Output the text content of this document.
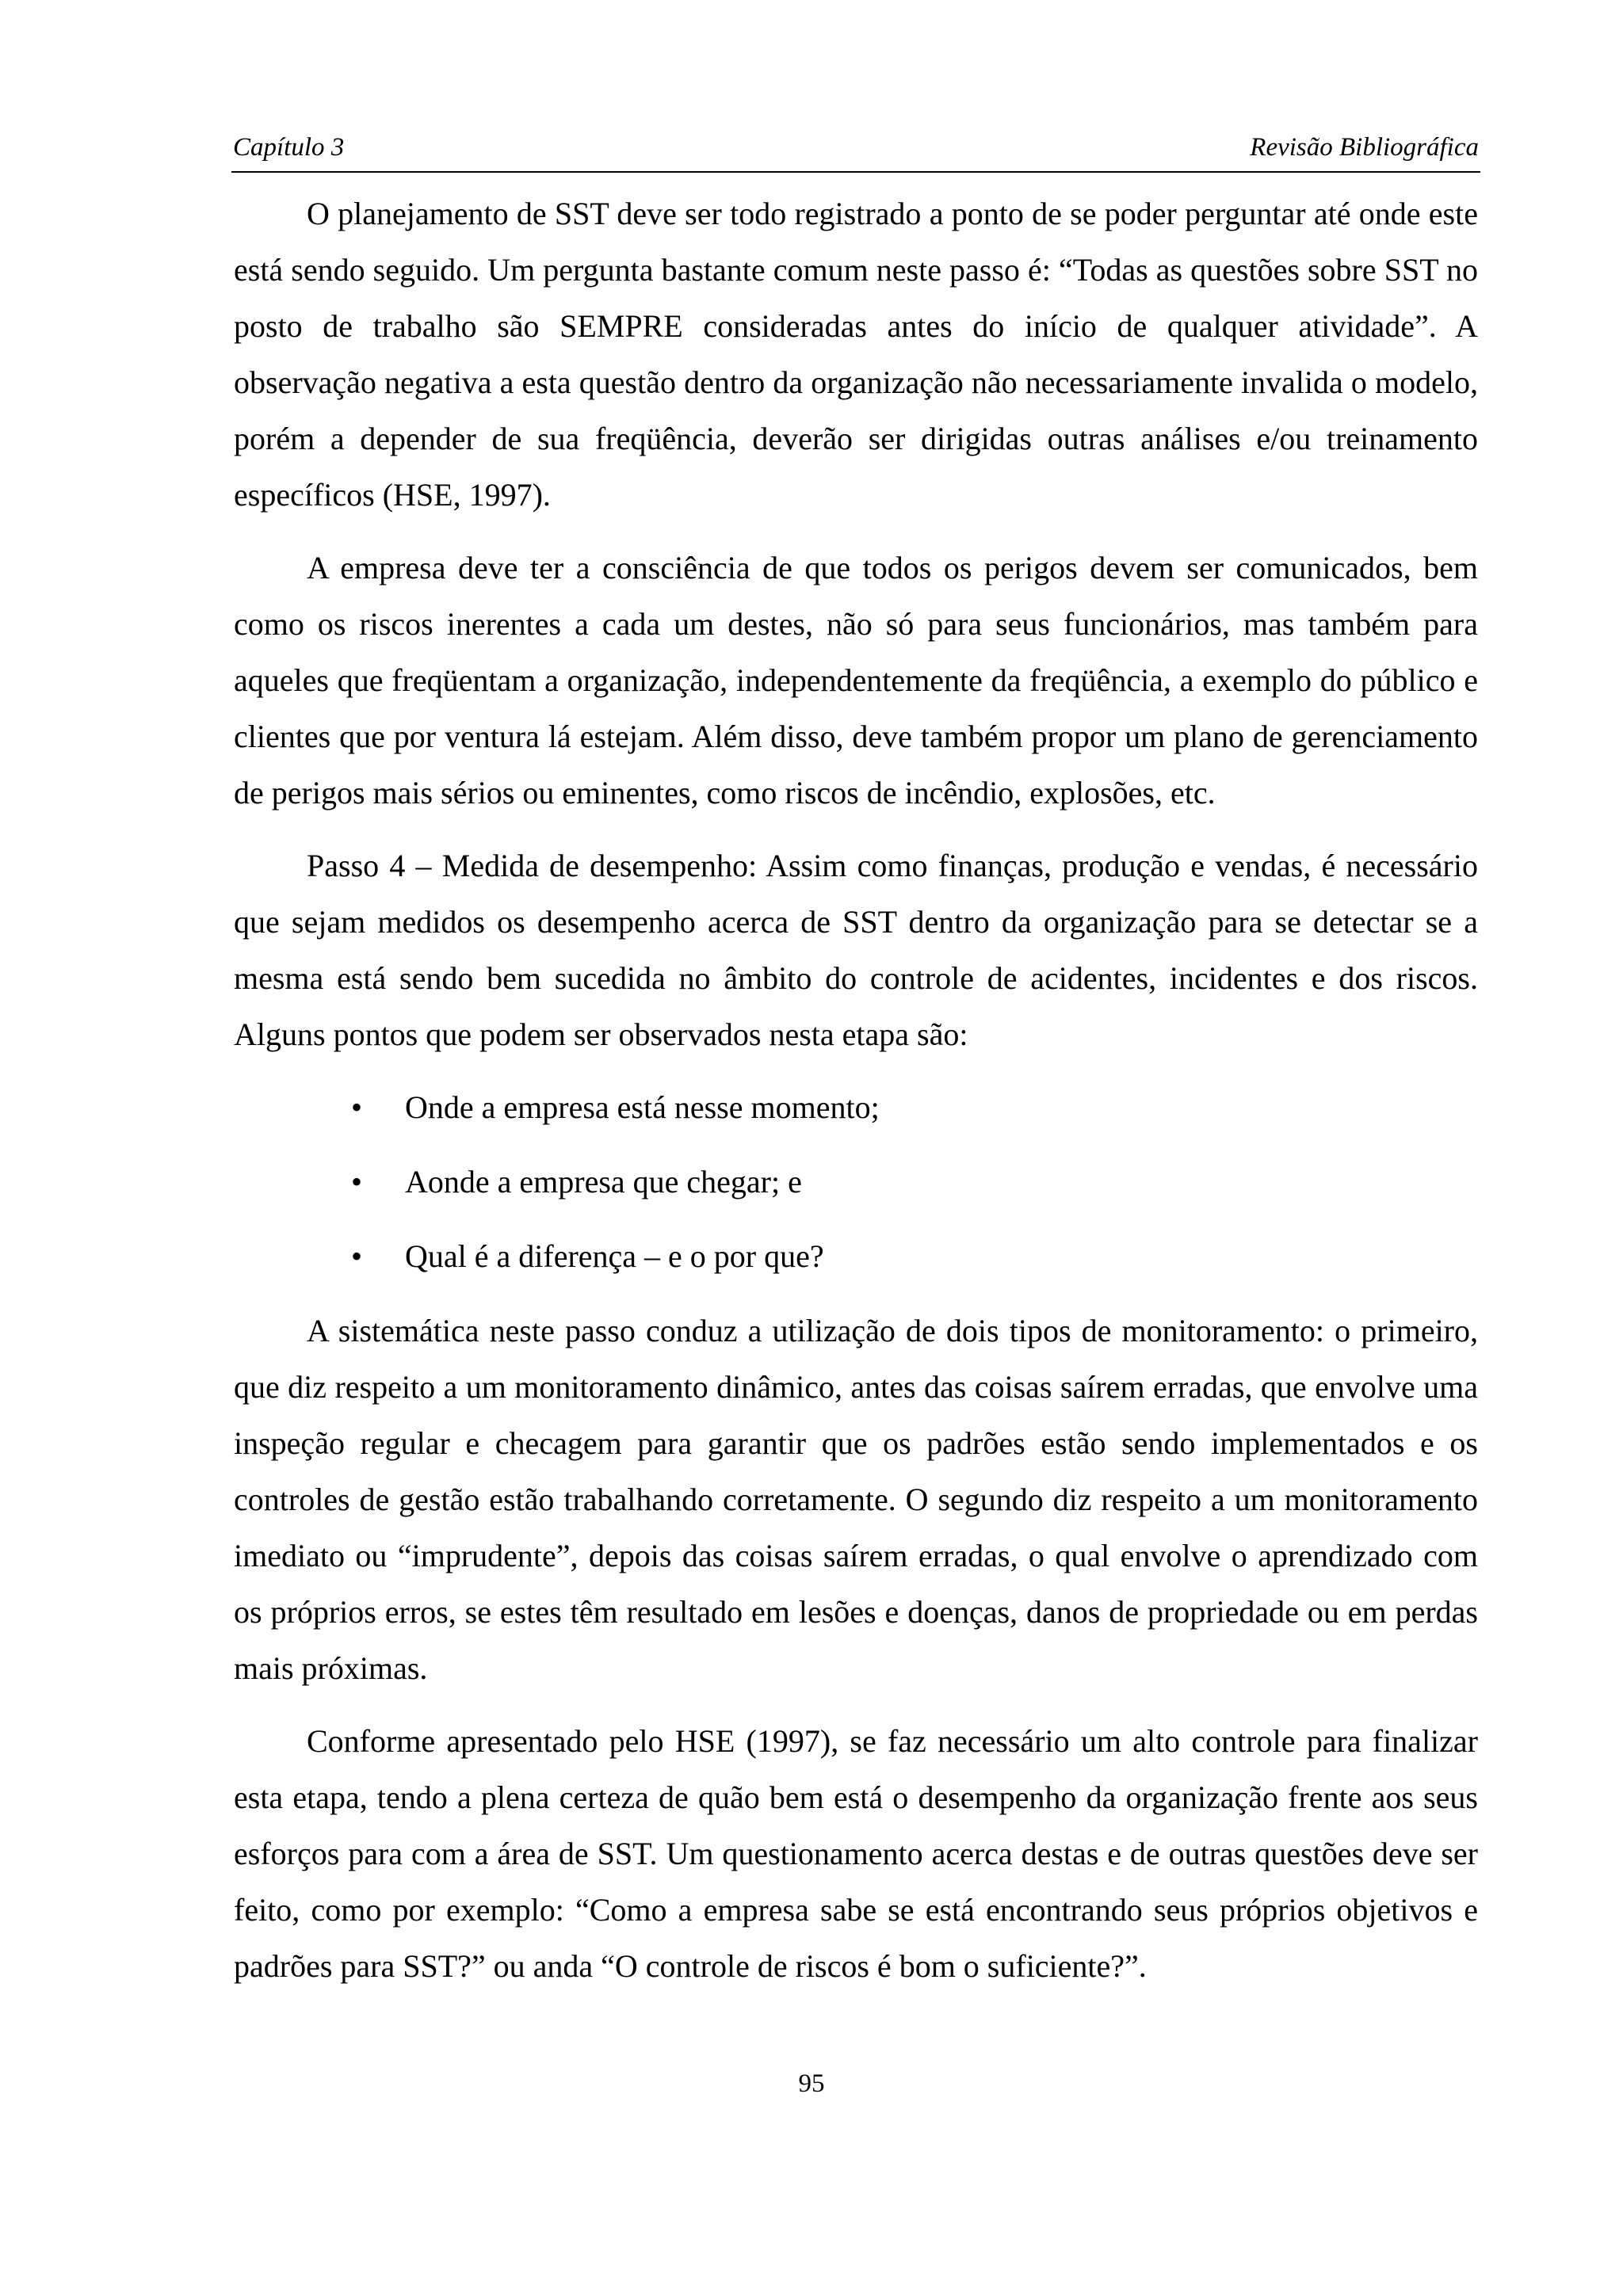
Capítulo 3	Revisão Bibliográfica

O planejamento de SST deve ser todo registrado a ponto de se poder perguntar até onde este está sendo seguido. Um pergunta bastante comum neste passo é: “Todas as questões sobre SST no posto de trabalho são SEMPRE consideradas antes do início de qualquer atividade”. A observação negativa a esta questão dentro da organização não necessariamente invalida o modelo, porém a depender de sua freqüência, deverão ser dirigidas outras análises e/ou treinamento específicos (HSE, 1997).

A empresa deve ter a consciência de que todos os perigos devem ser comunicados, bem como os riscos inerentes a cada um destes, não só para seus funcionários, mas também para aqueles que freqüentam a organização, independentemente da freqüência, a exemplo do público e clientes que por ventura lá estejam. Além disso, deve também propor um plano de gerenciamento de perigos mais sérios ou eminentes, como riscos de incêndio, explosões, etc.

Passo 4 – Medida de desempenho: Assim como finanças, produção e vendas, é necessário que sejam medidos os desempenho acerca de SST dentro da organização para se detectar se a mesma está sendo bem sucedida no âmbito do controle de acidentes, incidentes e dos riscos. Alguns pontos que podem ser observados nesta etapa são:

• Onde a empresa está nesse momento;
• Aonde a empresa que chegar; e
• Qual é a diferença – e o por que?

A sistemática neste passo conduz a utilização de dois tipos de monitoramento: o primeiro, que diz respeito a um monitoramento dinâmico, antes das coisas saírem erradas, que envolve uma inspeção regular e checagem para garantir que os padrões estão sendo implementados e os controles de gestão estão trabalhando corretamente. O segundo diz respeito a um monitoramento imediato ou “imprudente”, depois das coisas saírem erradas, o qual envolve o aprendizado com os próprios erros, se estes têm resultado em lesões e doenças, danos de propriedade ou em perdas mais próximas.

Conforme apresentado pelo HSE (1997), se faz necessário um alto controle para finalizar esta etapa, tendo a plena certeza de quão bem está o desempenho da organização frente aos seus esforços para com a área de SST. Um questionamento acerca destas e de outras questões deve ser feito, como por exemplo: “Como a empresa sabe se está encontrando seus próprios objetivos e padrões para SST?” ou anda “O controle de riscos é bom o suficiente?”.

95
